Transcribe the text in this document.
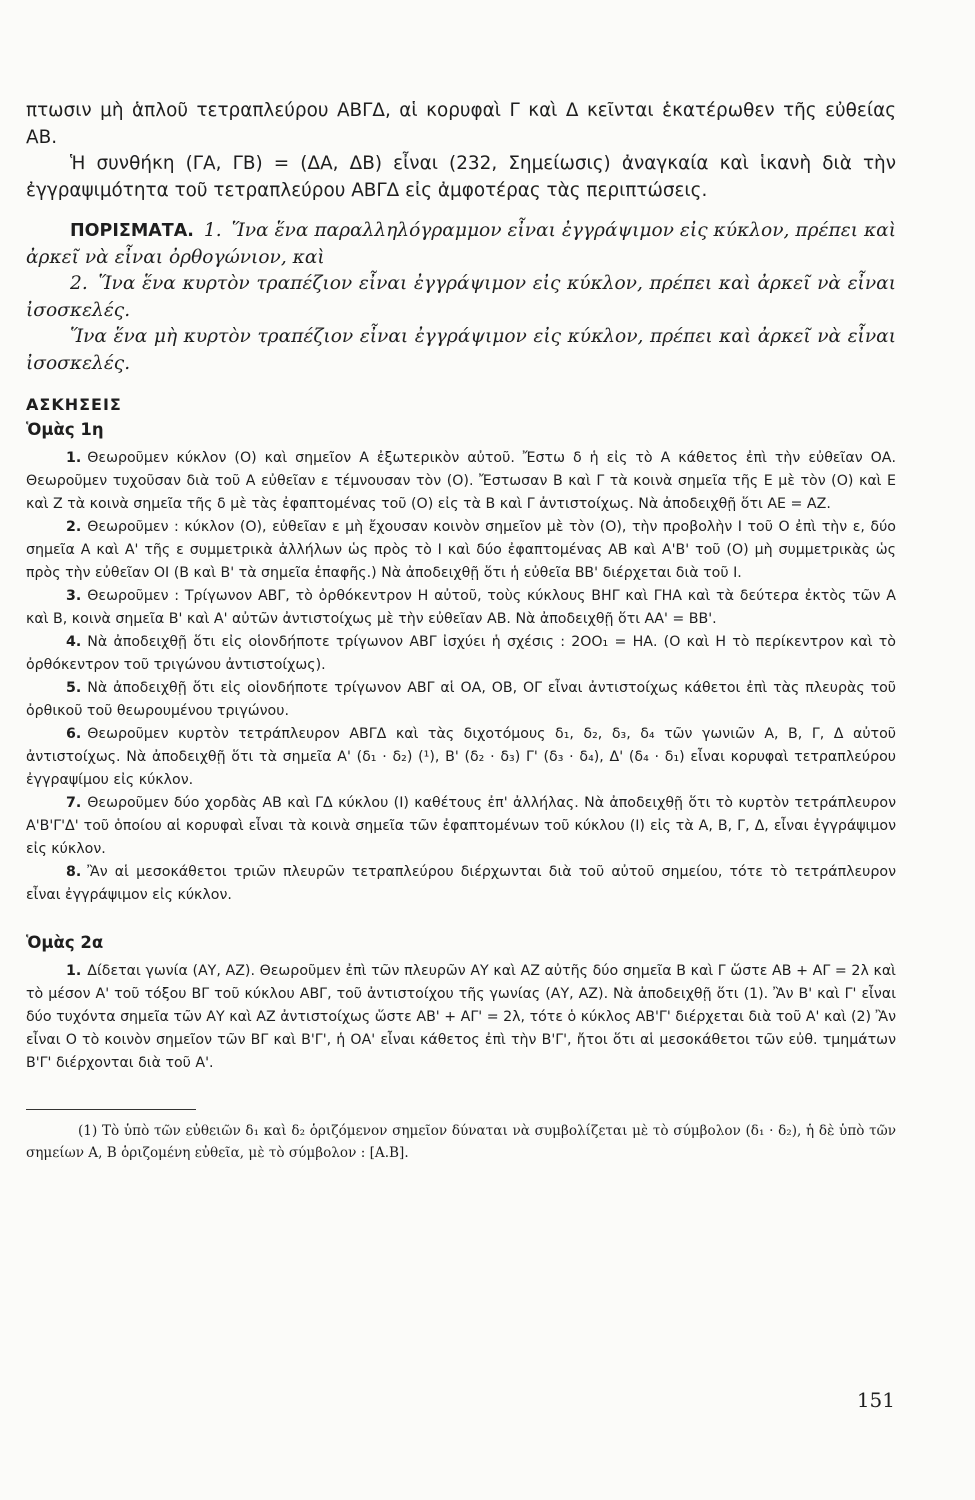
πτωσιν μὴ ἁπλοῦ τετραπλεύρου ΑΒΓΔ, αἱ κορυφαὶ Γ καὶ Δ κεῖνται ἑκατέρωθεν τῆς εὐθείας ΑΒ.

Ἡ συνθήκη (ΓΑ, ΓΒ) = (ΔΑ, ΔΒ) εἶναι (232, Σημείωσις) ἀναγκαία καὶ ἱκανὴ διὰ τὴν ἐγγραψιμότητα τοῦ τετραπλεύρου ΑΒΓΔ εἰς ἀμφοτέρας τὰς περιπτώσεις.

ΠΟΡΙΣΜΑΤΑ. 1. Ἵνα ἕνα παραλληλόγραμμον εἶναι ἐγγράψιμον εἰς κύκλον, πρέπει καὶ ἀρκεῖ νὰ εἶναι ὀρθογώνιον, καὶ

2. Ἵνα ἕνα κυρτὸν τραπέζιον εἶναι ἐγγράψιμον εἰς κύκλον, πρέπει καὶ ἀρκεῖ νὰ εἶναι ἰσοσκελές.

Ἵνα ἕνα μὴ κυρτὸν τραπέζιον εἶναι ἐγγράψιμον εἰς κύκλον, πρέπει καὶ ἀρκεῖ νὰ εἶναι ἰσοσκελές.

ΑΣΚΗΣΕΙΣ
Ὁμὰς 1η

1. Θεωροῦμεν κύκλον (Ο) καὶ σημεῖον Α ἐξωτερικὸν αὐτοῦ. Ἔστω δ ἡ εἰς τὸ Α κάθετος ἐπὶ τὴν εὐθεῖαν ΟΑ. Θεωροῦμεν τυχοῦσαν διὰ τοῦ Α εὐθεῖαν ε τέμνουσαν τὸν (Ο). Ἔστωσαν Β καὶ Γ τὰ κοινὰ σημεῖα τῆς Ε μὲ τὸν (Ο) καὶ Ε καὶ Ζ τὰ κοινὰ σημεῖα τῆς δ μὲ τὰς ἐφαπτομένας τοῦ (Ο) εἰς τὰ Β καὶ Γ ἀντιστοίχως. Νὰ ἀποδειχθῇ ὅτι ΑΕ = ΑΖ.

2. Θεωροῦμεν : κύκλον (Ο), εὐθεῖαν ε μὴ ἔχουσαν κοινὸν σημεῖον μὲ τὸν (Ο), τὴν προβολὴν Ι τοῦ Ο ἐπὶ τὴν ε, δύο σημεῖα Α καὶ Α' τῆς ε συμμετρικὰ ἀλλήλων ὡς πρὸς τὸ Ι καὶ δύο ἐφαπτομένας ΑΒ καὶ Α'Β' τοῦ (Ο) μὴ συμμετρικὰς ὡς πρὸς τὴν εὐθεῖαν ΟΙ (Β καὶ Β' τὰ σημεῖα ἐπαφῆς.) Νὰ ἀποδειχθῇ ὅτι ἡ εὐθεῖα ΒΒ' διέρχεται διὰ τοῦ Ι.

3. Θεωροῦμεν : Τρίγωνον ΑΒΓ, τὸ ὀρθόκεντρον Η αὐτοῦ, τοὺς κύκλους ΒΗΓ καὶ ΓΗΑ καὶ τὰ δεύτερα ἐκτὸς τῶν Α καὶ Β, κοινὰ σημεῖα Β' καὶ Α' αὐτῶν ἀντιστοίχως μὲ τὴν εὐθεῖαν ΑΒ. Νὰ ἀποδειχθῇ ὅτι ΑΑ' = ΒΒ'.

4. Νὰ ἀποδειχθῇ ὅτι εἰς οἱονδήποτε τρίγωνον ΑΒΓ ἰσχύει ἡ σχέσις : 2ΟΟ₁ = ΗΑ. (Ο καὶ Η τὸ περίκεντρον καὶ τὸ ὀρθόκεντρον τοῦ τριγώνου ἀντιστοίχως).

5. Νὰ ἀποδειχθῇ ὅτι εἰς οἱονδήποτε τρίγωνον ΑΒΓ αἱ ΟΑ, ΟΒ, ΟΓ εἶναι ἀντιστοίχως κάθετοι ἐπὶ τὰς πλευρὰς τοῦ ὀρθικοῦ τοῦ θεωρουμένου τριγώνου.

6. Θεωροῦμεν κυρτὸν τετράπλευρον ΑΒΓΔ καὶ τὰς διχοτόμους δ₁, δ₂, δ₃, δ₄ τῶν γωνιῶν Α, Β, Γ, Δ αὐτοῦ ἀντιστοίχως. Νὰ ἀποδειχθῇ ὅτι τὰ σημεῖα Α' (δ₁ · δ₂) (¹), Β' (δ₂ · δ₃) Γ' (δ₃ · δ₄), Δ' (δ₄ · δ₁) εἶναι κορυφαὶ τετραπλεύρου ἐγγραψίμου εἰς κύκλον.

7. Θεωροῦμεν δύο χορδὰς ΑΒ καὶ ΓΔ κύκλου (Ι) καθέτους ἐπ' ἀλλήλας. Νὰ ἀποδειχθῇ ὅτι τὸ κυρτὸν τετράπλευρον Α'Β'Γ'Δ' τοῦ ὁποίου αἱ κορυφαὶ εἶναι τὰ κοινὰ σημεῖα τῶν ἐφαπτομένων τοῦ κύκλου (Ι) εἰς τὰ Α, Β, Γ, Δ, εἶναι ἐγγράψιμον εἰς κύκλον.

8. Ἂν αἱ μεσοκάθετοι τριῶν πλευρῶν τετραπλεύρου διέρχωνται διὰ τοῦ αὐτοῦ σημείου, τότε τὸ τετράπλευρον εἶναι ἐγγράψιμον εἰς κύκλον.

Ὁμὰς 2α

1. Δίδεται γωνία (ΑΥ, ΑΖ). Θεωροῦμεν ἐπὶ τῶν πλευρῶν ΑΥ καὶ ΑΖ αὐτῆς δύο σημεῖα Β καὶ Γ ὥστε ΑΒ + ΑΓ = 2λ καὶ τὸ μέσον Α' τοῦ τόξου ΒΓ τοῦ κύκλου ΑΒΓ, τοῦ ἀντιστοίχου τῆς γωνίας (ΑΥ, ΑΖ). Νὰ ἀποδειχθῇ ὅτι (1). Ἂν Β' καὶ Γ' εἶναι δύο τυχόντα σημεῖα τῶν ΑΥ καὶ ΑΖ ἀντιστοίχως ὥστε ΑΒ' + ΑΓ' = 2λ, τότε ὁ κύκλος ΑΒ'Γ' διέρχεται διὰ τοῦ Α' καὶ (2) Ἂν εἶναι Ο τὸ κοινὸν σημεῖον τῶν ΒΓ καὶ Β'Γ', ἡ ΟΑ' εἶναι κάθετος ἐπὶ τὴν Β'Γ', ἤτοι ὅτι αἱ μεσοκάθετοι τῶν εὐθ. τμημάτων Β'Γ' διέρχονται διὰ τοῦ Α'.

(1) Τὸ ὑπὸ τῶν εὐθειῶν δ₁ καὶ δ₂ ὁριζόμενον σημεῖον δύναται νὰ συμβολίζεται μὲ τὸ σύμβολον (δ₁ · δ₂), ἡ δὲ ὑπὸ τῶν σημείων Α, Β ὁριζομένη εὐθεῖα, μὲ τὸ σύμβολον : [Α.Β].

151
